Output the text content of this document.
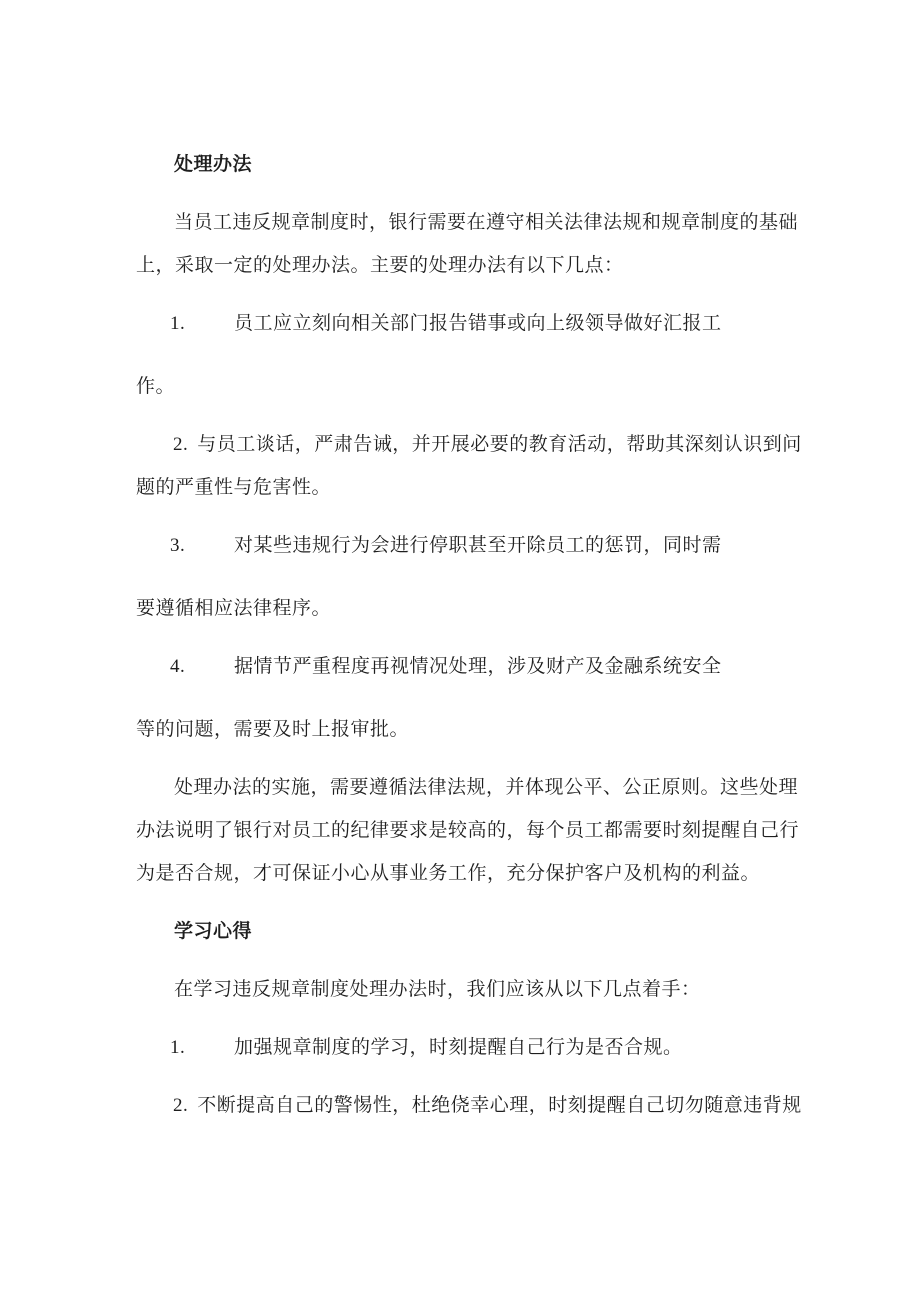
处理办法
当员工违反规章制度时，银行需要在遵守相关法律法规和规章制度的基础
上，采取一定的处理办法。主要的处理办法有以下几点：
1.	员工应立刻向相关部门报告错事或向上级领导做好汇报工
作。
2. 与员工谈话，严肃告诫，并开展必要的教育活动，帮助其深刻认识到问
题的严重性与危害性。
3.	对某些违规行为会进行停职甚至开除员工的惩罚，同时需
要遵循相应法律程序。
4.	据情节严重程度再视情况处理，涉及财产及金融系统安全
等的问题，需要及时上报审批。
处理办法的实施，需要遵循法律法规，并体现公平、公正原则。这些处理
办法说明了银行对员工的纪律要求是较高的，每个员工都需要时刻提醒自己行
为是否合规，才可保证小心从事业务工作，充分保护客户及机构的利益。
学习心得
在学习违反规章制度处理办法时，我们应该从以下几点着手：
1.	加强规章制度的学习，时刻提醒自己行为是否合规。
2. 不断提高自己的警惕性，杜绝侥幸心理，时刻提醒自己切勿随意违背规
